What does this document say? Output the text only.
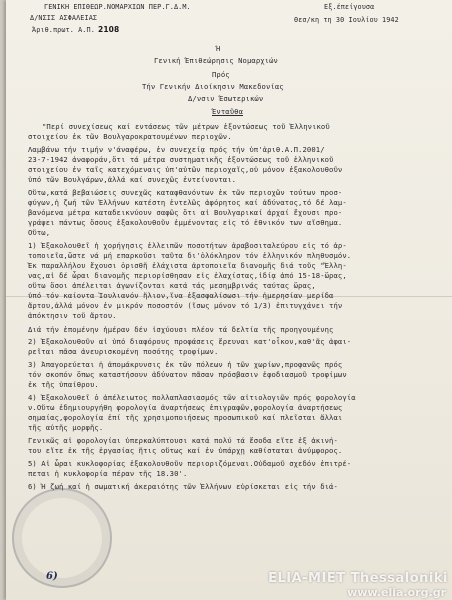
ΓΕΝΙΚΗ ΕΠΙΘΕΩΡ.ΝΟΜΑΡΧΙΩΝ ΠΕΡ.Γ.Δ.Μ.	Εξ.έπείγουσα
Δ/ΝΣΙΣ ΑΣΦΑΛΕΙΑΣ	Θεσ/κη τη 30 Ιουλίου 1942
Άριθ.πρωτ. Α.Π. 2108
Ή
Γενική Έπιθεώρησις Νομαρχιών
Πρός
Τήν Γενικήν Διοίκησιν Μακεδονίας
Δ/νσιν Έσωτερικών
Ένταῦθα
"Περί συνεχίσεως καί εντάσεως τῶν μέτρων ἐξοντώσεως τοῦ Ἑλληνικοῦ
στοιχείου ἐκ τῶν Βουλγαροκρατουμένων περιοχῶν.
Λαμβάνω τήν τιμήν ν'άναφέρω, ἐν συνεχείᾳ πρός τήν ὑπ'ἀριθ.Α.Π.2001/
23-7-1942 ἀναφοράν,ὅτι τά μέτρα συστηματικῆς ἐξοντώσεως τοῦ ἑλληνικοῦ
στοιχείου ἐν ταῖς κατεχόμεναις ὑπ'αὐτῶν περιοχαῖς,οὐ μόνον ἐξακολουθοῦν
ὑπό τῶν Βουλγάρων,ἀλλά καί συνεχῶς ἐντείνονται.
Οὕτω,κατά βεβαιώσεις συνεχῶς καταφθανόντων ἐκ τῶν περιοχῶν τούτων προσ-
φύγων,ἡ ζωή τῶν Ἑλλήνων κατέστη ἐντελῶς ἀφόρητος καί ἀδύνατος,τό δέ λαμ-
βανόμενα μέτρα καταδεικνύουν σαφῶς ὅτι αἱ Βουλγαρικαί ἀρχαί ἔχουσι προ-
γράψει πάντως ὅσους ἐξακολουθοῦν ἐμμένοντας εἰς τό ἐθνικόν των αἴσθημα.
Οὕτω,
1) Ἐξακολουθεῖ ἡ χορήγησις ἐλλειπῶν ποσοτήτων ἀραβοσιταλεύρου εἰς τό ἀρ-
τοποιεῖα,ὥστε νά μή επαρκοῦσι ταῦτα δι'ὁλόκληρον τόν ἑλληνικόν πληθυσμόν.
Ἐκ παραλλήλου ἔχουσι ὁρισθῆ ἐλάχιστα ἀρτοποιεῖα διανομῆς διά τοῦς "Ἕλλη-
νας,αἱ δέ ὧραι διανομῆς περιορίσθησαν εἰς ἐλαχίστας,ἰδίᾳ ἀπό 15-18-ὥρας,
οὕτω ὅσοι ἀπέλειται ἀγωνίζονται κατά τάς μεσημβρινάς ταύτας ὥρας,
ὑπό τόν καίοντα Ἰουλιανόν ἥλιον,ἵνα ἐξασφαλίσωσι τήν ἡμερησίαν μερίδα
ἄρτου,ἀλλά μόνον ἐν μικρόν ποσοστόν (ἴσως μόνον τό 1/3) ἐπιτυγχάνει τήν
ἀπόκτησιν τοῦ ἄρτου.
Διά τήν ἐπομένην ἡμέραν δέν ἰσχύουσι πλέον τά δελτία τῆς προηγουμένης
2) Ἐξακολουθοῦν αἱ ὑπό διαφόρους προφάσεις ἔρευναι κατ'οἶκον,καθ'ἅς ἀφαι-
ρεῖται πᾶσα ἀνευρισκομένη ποσότης τροφίμων.
3) Ἀπαγορεύεται ἡ ἀπομάκρυνσις ἐκ τῶν πόλεων ἡ τῶν χωρίων,προφανῶς πρός
τόν σκοπόν ὅπως καταστήσουν ἀδύνατον πᾶσαν πρόσβασιν ἐφοδιασμοῦ τροφίμων
ἐκ τῆς ὑπαίθρου.
4) Ἐξακολουθεῖ ὁ ἀπέλειωτος πολλαπλασιασμός τῶν αἰτιολογιῶν πρός φορολογία
ν.Οὕτω ἐδημιουργήθη φορολογία ἀναρτήσεως ἐπιγραφῶν,φορολογία ἀναρτήσεως
σημαίας,φορολογία ἐπί τῆς χρησιμοποιήσεως προσωπικοῦ καί πλεῖσται ἄλλαι
τῆς αὐτῆς μορφῆς.
Γενικῶς αἱ φορολογίαι ὑπερκαλύπτουσι κατά πολύ τά ἔσοδα εἴτε ἐξ ἀκινή-
του εἴτε ἐκ τῆς ἐργασίας ἥτις οὕτως καί ἐν ὑπάρχῃ καθίσταται ἀνύμφορος.
5) Αἱ ὧραι κυκλοφορίας ἐξακολουθοῦν περιοριζόμεναι.Οὐδαμοῦ σχεδόν ἐπιτρέ-
πεται ἡ κυκλοφορία πέραν τῆς 18.30'.
6) Ἡ ζωή καί ἡ σωματική ἀκεραιότης τῶν Ἑλλήνων εὑρίσκεται εἰς τήν διά-
6)	ELIA-MIET Thessaloniki
www.elia.org.gr
